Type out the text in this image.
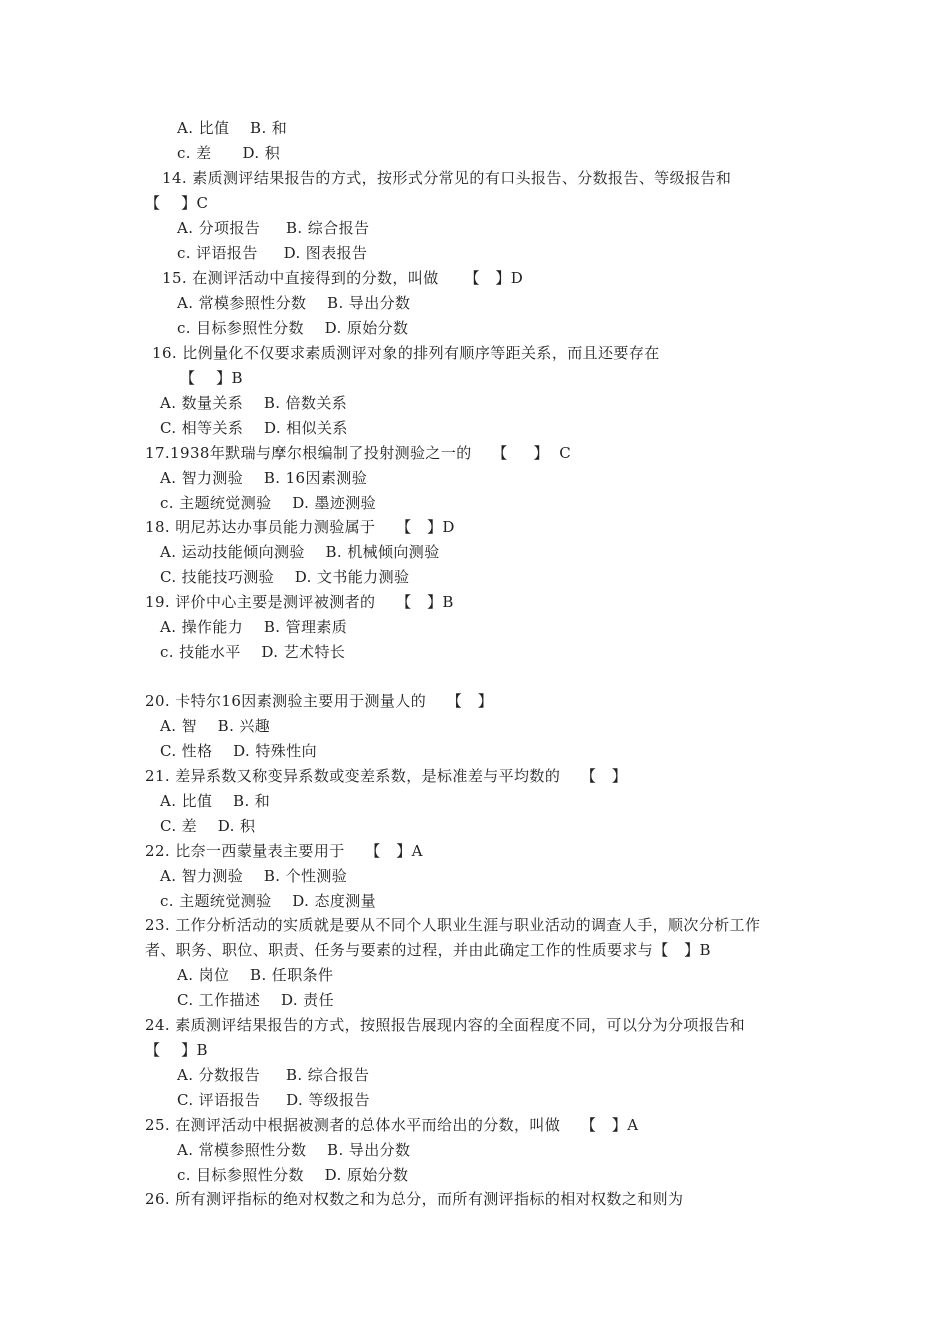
A. 比值    B. 和
c. 差      D. 积
14. 素质测评结果报告的方式，按形式分常见的有口头报告、分数报告、等级报告和
【    】C
A. 分项报告     B. 综合报告
c. 评语报告     D. 图表报告
15. 在测评活动中直接得到的分数，叫做     【   】D
A. 常模参照性分数    B. 导出分数
c. 目标参照性分数    D. 原始分数
16. 比例量化不仅要求素质测评对象的排列有顺序等距关系，而且还要存在
【    】B
A. 数量关系    B. 倍数关系
C. 相等关系    D. 相似关系
17.1938年默瑞与摩尔根编制了投射测验之一的    【     】  C
A. 智力测验    B. 16因素测验
c. 主题统觉测验    D. 墨迹测验
18. 明尼苏达办事员能力测验属于    【   】D
A. 运动技能倾向测验    B. 机械倾向测验
C. 技能技巧测验    D. 文书能力测验
19. 评价中心主要是测评被测者的    【   】B
A. 操作能力    B. 管理素质
c. 技能水平    D. 艺术特长
20. 卡特尔16因素测验主要用于测量人的    【   】
A. 智    B. 兴趣
C. 性格    D. 特殊性向
21. 差异系数又称变异系数或变差系数，是标准差与平均数的    【   】
A. 比值    B. 和
C. 差    D. 积
22. 比奈一西蒙量表主要用于    【   】A
A. 智力测验    B. 个性测验
c. 主题统觉测验    D. 态度测量
23. 工作分析活动的实质就是要从不同个人职业生涯与职业活动的调查人手，顺次分析工作
者、职务、职位、职责、任务与要素的过程，并由此确定工作的性质要求与【   】B
A. 岗位    B. 任职条件
C. 工作描述    D. 责任
24. 素质测评结果报告的方式，按照报告展现内容的全面程度不同，可以分为分项报告和
【    】B
A. 分数报告     B. 综合报告
C. 评语报告     D. 等级报告
25. 在测评活动中根据被测者的总体水平而给出的分数，叫做    【   】A
A. 常模参照性分数    B. 导出分数
c. 目标参照性分数    D. 原始分数
26. 所有测评指标的绝对权数之和为总分，而所有测评指标的相对权数之和则为
